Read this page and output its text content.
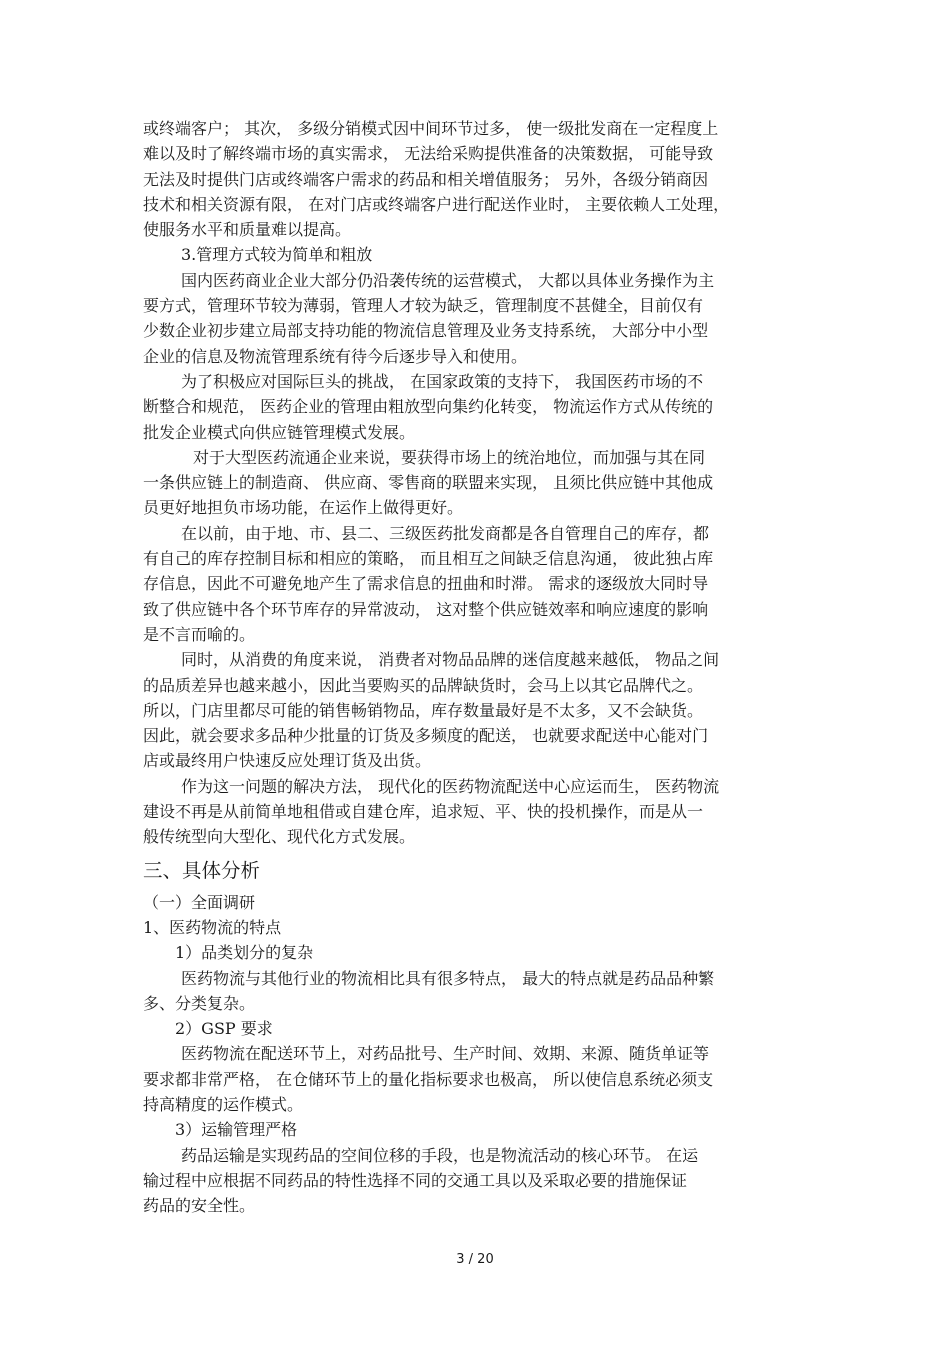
或终端客户； 其次， 多级分销模式因中间环节过多， 使一级批发商在一定程度上
难以及时了解终端市场的真实需求， 无法给采购提供准备的决策数据， 可能导致
无法及时提供门店或终端客户需求的药品和相关增值服务； 另外，各级分销商因
技术和相关资源有限， 在对门店或终端客户进行配送作业时， 主要依赖人工处理，
使服务水平和质量难以提高。
3.管理方式较为简单和粗放
国内医药商业企业大部分仍沿袭传统的运营模式， 大都以具体业务操作为主
要方式，管理环节较为薄弱，管理人才较为缺乏，管理制度不甚健全，目前仅有
少数企业初步建立局部支持功能的物流信息管理及业务支持系统， 大部分中小型
企业的信息及物流管理系统有待今后逐步导入和使用。
为了积极应对国际巨头的挑战， 在国家政策的支持下， 我国医药市场的不
断整合和规范， 医药企业的管理由粗放型向集约化转变， 物流运作方式从传统的
批发企业模式向供应链管理模式发展。
对于大型医药流通企业来说，要获得市场上的统治地位，而加强与其在同
一条供应链上的制造商、 供应商、零售商的联盟来实现， 且须比供应链中其他成
员更好地担负市场功能，在运作上做得更好。
在以前，由于地、市、县二、三级医药批发商都是各自管理自己的库存，都
有自己的库存控制目标和相应的策略， 而且相互之间缺乏信息沟通， 彼此独占库
存信息，因此不可避免地产生了需求信息的扭曲和时滞。 需求的逐级放大同时导
致了供应链中各个环节库存的异常波动， 这对整个供应链效率和响应速度的影响
是不言而喻的。
同时，从消费的角度来说， 消费者对物品品牌的迷信度越来越低， 物品之间
的品质差异也越来越小，因此当要购买的品牌缺货时，会马上以其它品牌代之。
所以，门店里都尽可能的销售畅销物品，库存数量最好是不太多，又不会缺货。
因此，就会要求多品种少批量的订货及多频度的配送， 也就要求配送中心能对门
店或最终用户快速反应处理订货及出货。
作为这一问题的解决方法， 现代化的医药物流配送中心应运而生， 医药物流
建设不再是从前简单地租借或自建仓库，追求短、平、快的投机操作，而是从一
般传统型向大型化、现代化方式发展。
三、具体分析
（一）全面调研
1、医药物流的特点
1）品类划分的复杂
医药物流与其他行业的物流相比具有很多特点， 最大的特点就是药品品种繁
多、分类复杂。
2）GSP 要求
医药物流在配送环节上，对药品批号、生产时间、效期、来源、随货单证等
要求都非常严格， 在仓储环节上的量化指标要求也极高， 所以使信息系统必须支
持高精度的运作模式。
3）运输管理严格
药品运输是实现药品的空间位移的手段，也是物流活动的核心环节。 在运
输过程中应根据不同药品的特性选择不同的交通工具以及采取必要的措施保证
药品的安全性。
3 / 20
